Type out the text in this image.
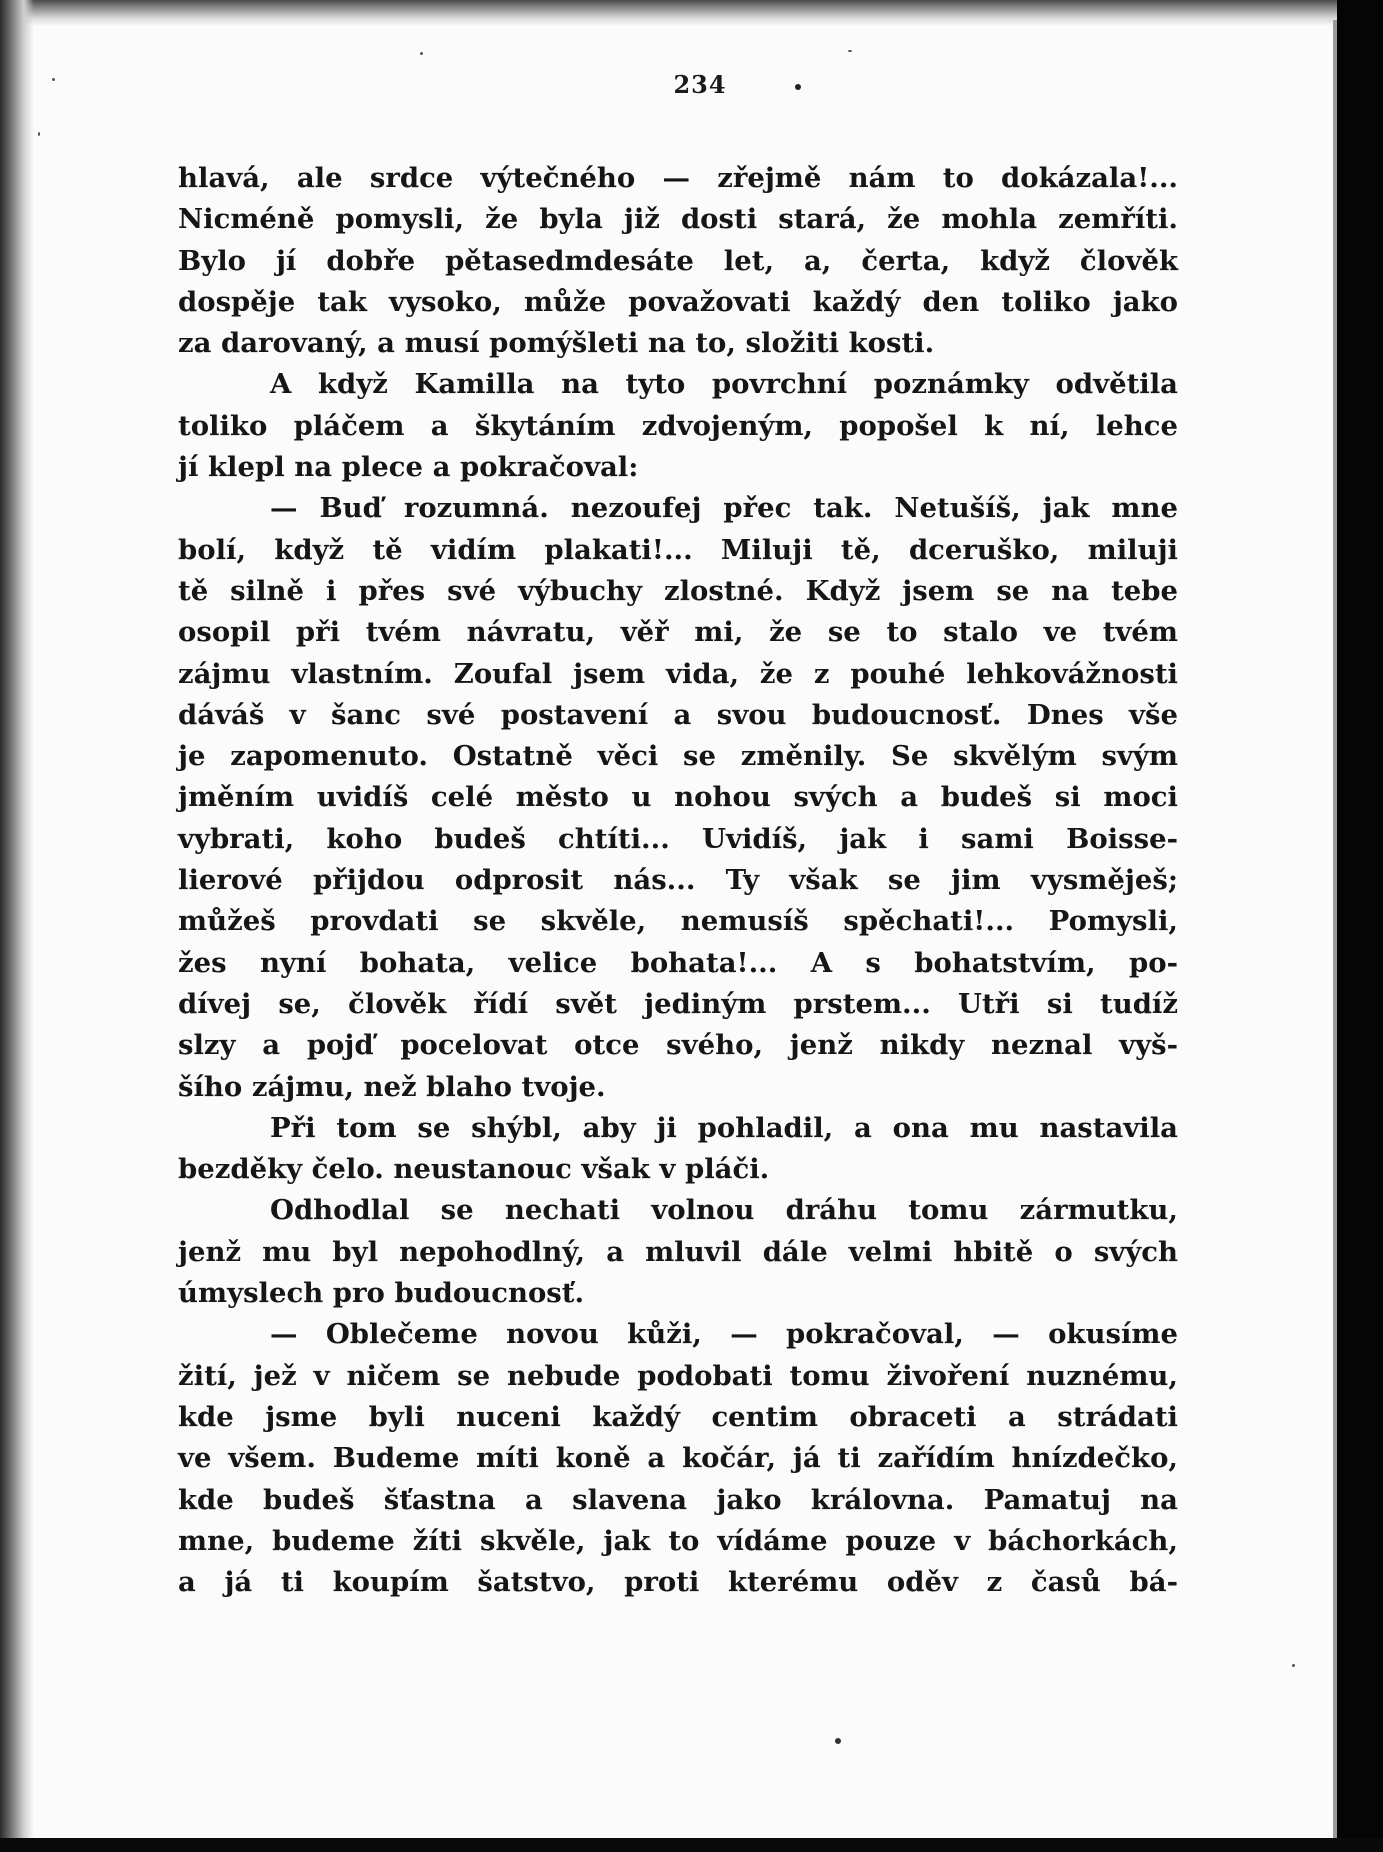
234
hlavá, ale srdce výtečného — zřejmě nám to dokázala!...
Nicméně pomysli, že byla již dosti stará, že mohla zemříti.
Bylo jí dobře pětasedmdesáte let, a, čerta, když člověk
dospěje tak vysoko, může považovati každý den toliko jako
za darovaný, a musí pomýšleti na to, složiti kosti.
A když Kamilla na tyto povrchní poznámky odvětila
toliko pláčem a škytáním zdvojeným, popošel k ní, lehce
jí klepl na plece a pokračoval:
— Buď rozumná. nezoufej přec tak. Netušíš, jak mne
bolí, když tě vidím plakati!... Miluji tě, dceruško, miluji
tě silně i přes své výbuchy zlostné. Když jsem se na tebe
osopil při tvém návratu, věř mi, že se to stalo ve tvém
zájmu vlastním. Zoufal jsem vida, že z pouhé lehkovážnosti
dáváš v šanc své postavení a svou budoucnosť. Dnes vše
je zapomenuto. Ostatně věci se změnily. Se skvělým svým
jměním uvidíš celé město u nohou svých a budeš si moci
vybrati, koho budeš chtíti... Uvidíš, jak i sami Boisse-
lierové přijdou odprosit nás... Ty však se jim vysměješ;
můžeš provdati se skvěle, nemusíš spěchati!... Pomysli,
žes nyní bohata, velice bohata!... A s bohatstvím, po-
dívej se, člověk řídí svět jediným prstem... Utři si tudíž
slzy a pojď pocelovat otce svého, jenž nikdy neznal vyš-
šího zájmu, než blaho tvoje.
Při tom se shýbl, aby ji pohladil, a ona mu nastavila
bezděky čelo. neustanouc však v pláči.
Odhodlal se nechati volnou dráhu tomu zármutku,
jenž mu byl nepohodlný, a mluvil dále velmi hbitě o svých
úmyslech pro budoucnosť.
— Oblečeme novou kůži, — pokračoval, — okusíme
žití, jež v ničem se nebude podobati tomu živoření nuznému,
kde jsme byli nuceni každý centim obraceti a strádati
ve všem. Budeme míti koně a kočár, já ti zařídím hnízdečko,
kde budeš šťastna a slavena jako královna. Pamatuj na
mne, budeme žíti skvěle, jak to vídáme pouze v báchorkách,
a já ti koupím šatstvo, proti kterému oděv z časů bá-
